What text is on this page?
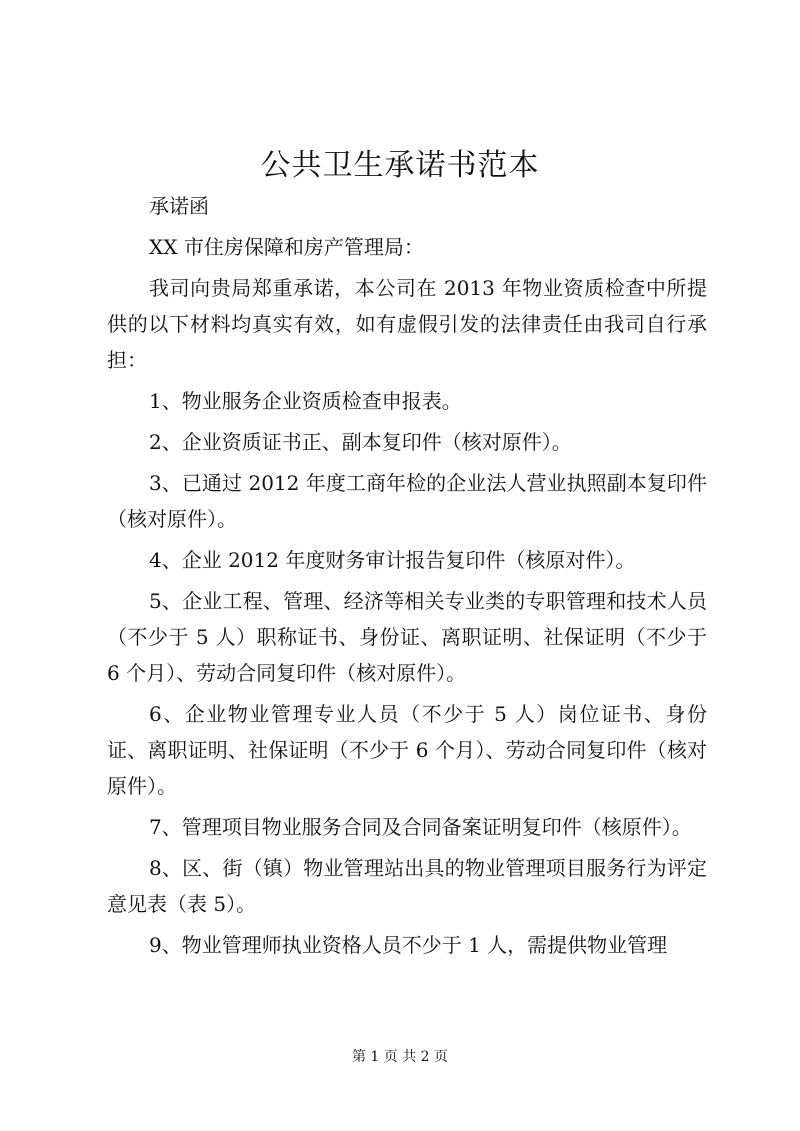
公共卫生承诺书范本

承诺函

XX 市住房保障和房产管理局：

我司向贵局郑重承诺，本公司在 2013 年物业资质检查中所提供的以下材料均真实有效，如有虚假引发的法律责任由我司自行承担：

1、物业服务企业资质检查申报表。

2、企业资质证书正、副本复印件（核对原件）。

3、已通过 2012 年度工商年检的企业法人营业执照副本复印件（核对原件）。

4、企业 2012 年度财务审计报告复印件（核原对件）。

5、企业工程、管理、经济等相关专业类的专职管理和技术人员（不少于 5 人）职称证书、身份证、离职证明、社保证明（不少于 6 个月）、劳动合同复印件（核对原件）。

6、企业物业管理专业人员（不少于 5 人）岗位证书、身份证、离职证明、社保证明（不少于 6 个月）、劳动合同复印件（核对原件）。

7、管理项目物业服务合同及合同备案证明复印件（核原件）。

8、区、街（镇）物业管理站出具的物业管理项目服务行为评定意见表（表 5）。

9、物业管理师执业资格人员不少于 1 人，需提供物业管理

第 1 页 共 2 页
